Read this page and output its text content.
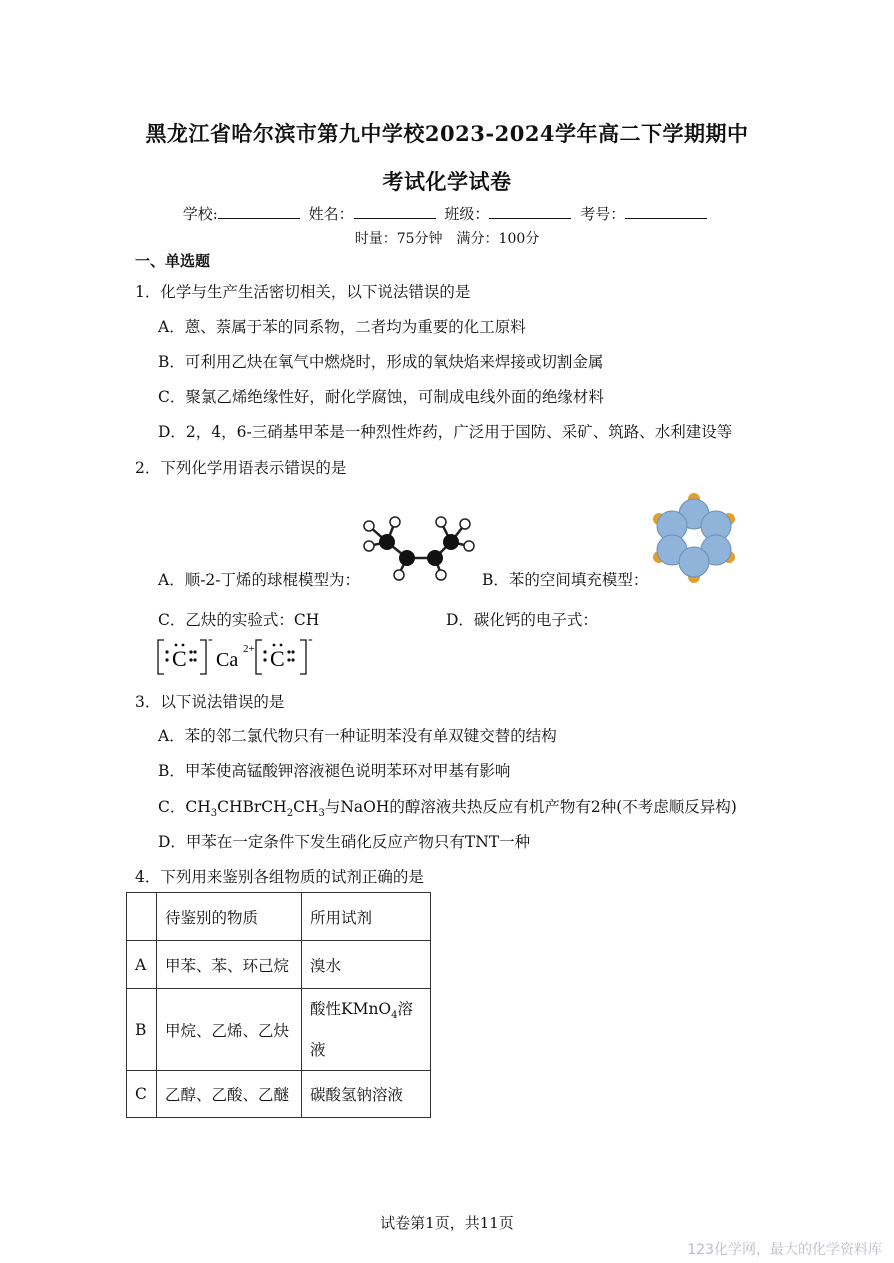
黑龙江省哈尔滨市第九中学校2023-2024学年高二下学期期中
考试化学试卷
学校:	姓名：	班级：	考号：
时量：75分钟　满分：100分
一、单选题
1．化学与生产生活密切相关，以下说法错误的是
A．蒽、萘属于苯的同系物，二者均为重要的化工原料
B．可利用乙炔在氧气中燃烧时，形成的氧炔焰来焊接或切割金属
C．聚氯乙烯绝缘性好，耐化学腐蚀，可制成电线外面的绝缘材料
D．2，4，6-三硝基甲苯是一种烈性炸药，广泛用于国防、采矿、筑路、水利建设等
2．下列化学用语表示错误的是
A．顺-2-丁烯的球棍模型为：	B．苯的空间填充模型：
C．乙炔的实验式：CH	D．碳化钙的电子式：
C	C
Ca 2+
-	-
3．以下说法错误的是
A．苯的邻二氯代物只有一种证明苯没有单双键交替的结构
B．甲苯使高锰酸钾溶液褪色说明苯环对甲基有影响
C．$CH_3CHBrCH_2CH_3$与NaOH的醇溶液共热反应有机产物有2种(不考虑顺反异构)
D．甲苯在一定条件下发生硝化反应产物只有TNT一种
4．下列用来鉴别各组物质的试剂正确的是
	待鉴别的物质	所用试剂
A	甲苯、苯、环己烷	溴水
B	甲烷、乙烯、乙炔	酸性KMnO$_4$溶
液
C	乙醇、乙酸、乙醚	碳酸氢钠溶液
试卷第1页，共11页
123化学网，最大的化学资料库
